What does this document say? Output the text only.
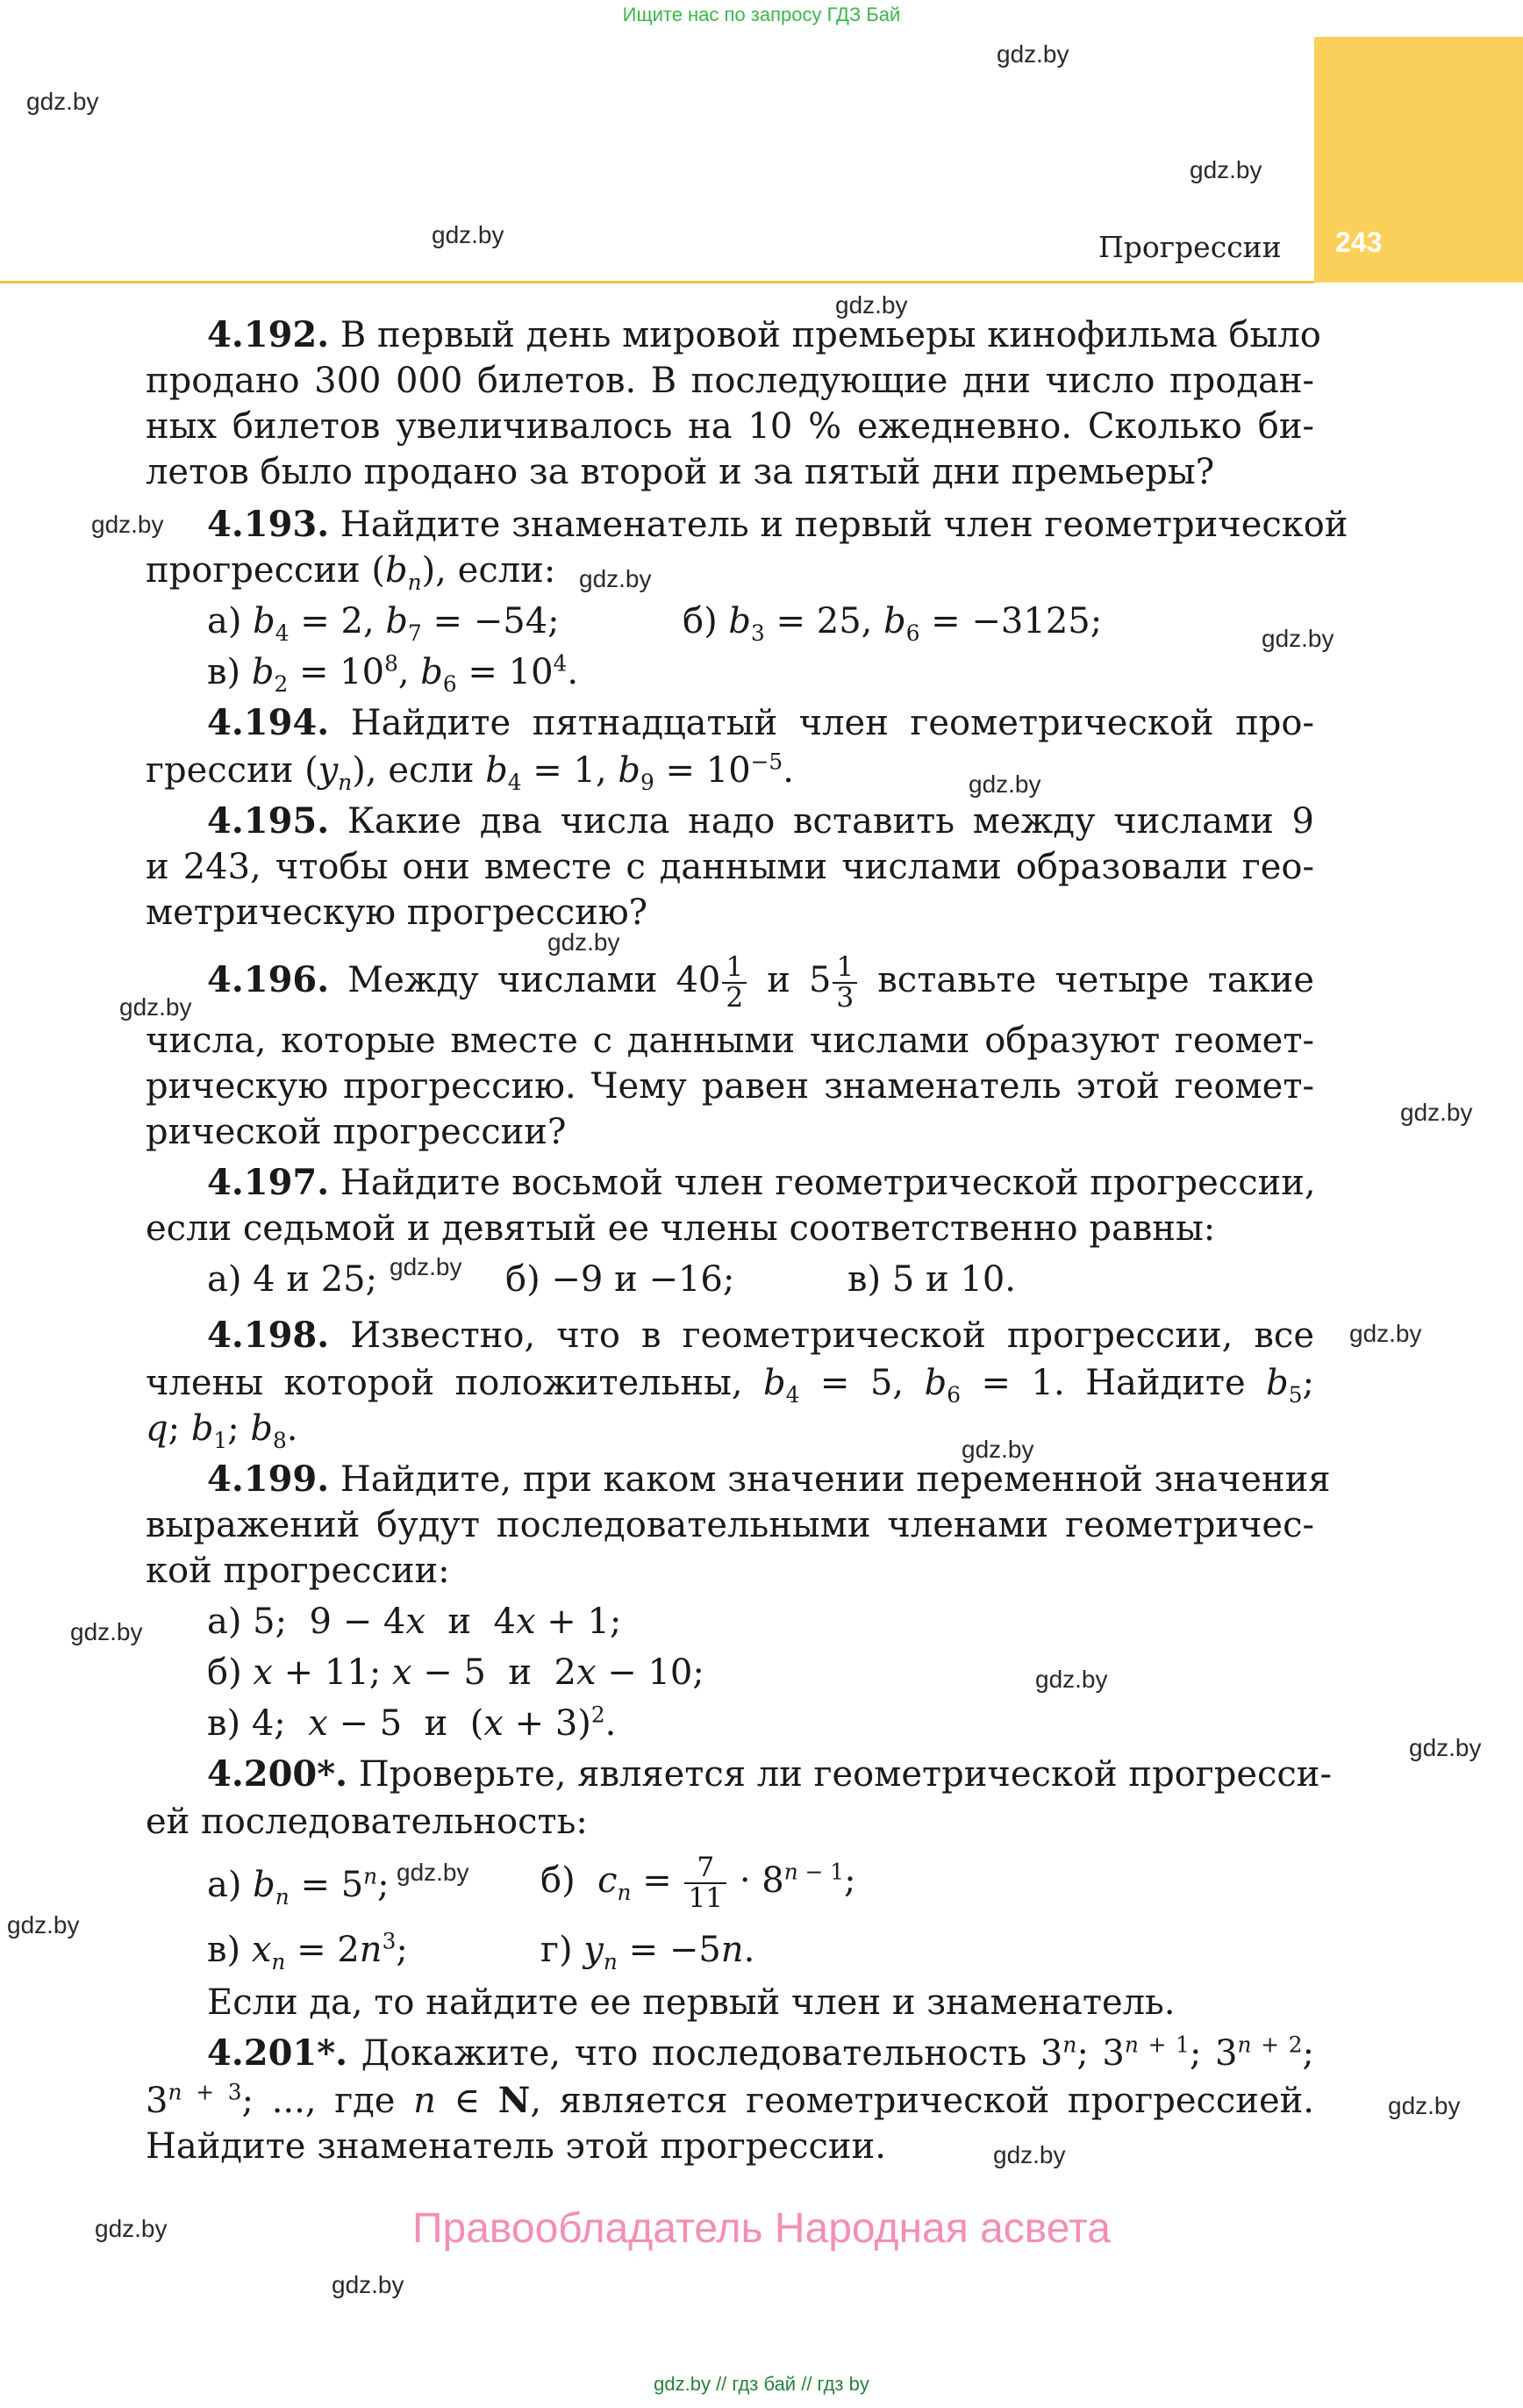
Ищите нас по запросу ГДЗ Бай
Прогрессии 243
gdz.by
gdz.by
gdz.by
gdz.by
gdz.by
gdz.by
gdz.by
gdz.by
gdz.by
gdz.by
gdz.by
gdz.by
gdz.by
gdz.by
gdz.by
gdz.by
gdz.by
gdz.by
gdz.by
gdz.by
gdz.by
gdz.by
gdz.by
gdz.by
4.192. В первый день мировой премьеры кинофильма было
продано 300 000 билетов. В последующие дни число продан-
ных билетов увеличивалось на 10 % ежедневно. Сколько би-
летов было продано за второй и за пятый дни премьеры?
4.193. Найдите знаменатель и первый член геометрической
прогрессии $(b_n)$, если:
а) $b_4 = 2$, $b_7 = -54$;	б) $b_3 = 25$, $b_6 = -3125$;
в) $b_2 = 10^8$, $b_6 = 10^4$.
4.194. Найдите пятнадцатый член геометрической про-
грессии $(y_n)$, если $b_4 = 1$, $b_9 = 10^{-5}$.
4.195. Какие два числа надо вставить между числами 9
и 243, чтобы они вместе с данными числами образовали гео-
метрическую прогрессию?
4.196. Между числами $40 \frac{1}{2}$ и $5 \frac{1}{3}$ вставьте четыре такие
числа, которые вместе с данными числами образуют геомет-
рическую прогрессию. Чему равен знаменатель этой геомет-
рической прогрессии?
4.197. Найдите восьмой член геометрической прогрессии,
если седьмой и девятый ее члены соответственно равны:
а) 4 и 25;	б) −9 и −16;	в) 5 и 10.
4.198. Известно, что в геометрической прогрессии, все
члены которой положительны, $b_4 = 5$, $b_6 = 1$. Найдите $b_5$;
q; $b_1$; $b_8$.
4.199. Найдите, при каком значении переменной значения
выражений будут последовательными членами геометричес-
кой прогрессии:
а) 5;  9 − 4x и  4x + 1;
б) x + 11; x − 5  и  2x − 10;
в) 4;  x − 5  и  $(x + 3)^2$.
4.200*. Проверьте, является ли геометрической прогресси-
ей последовательность:
а) $b_n = 5^n$;	б)  $c_n = \frac{7}{11} \cdot 8^{n - 1}$;
в) $x_n = 2n^3$;	г) $y_n = -5n$.
Если да, то найдите ее первый член и знаменатель.
4.201*. Докажите, что последовательность 3$^n$; $3^{n + 1}$; $3^{n + 2}$;
$3^{n + 3}$; ..., где n ∈ N, является геометрической прогрессией.
Найдите знаменатель этой прогрессии.
Правообладатель Народная асвета
gdz.by // гдз бай // гдз by
